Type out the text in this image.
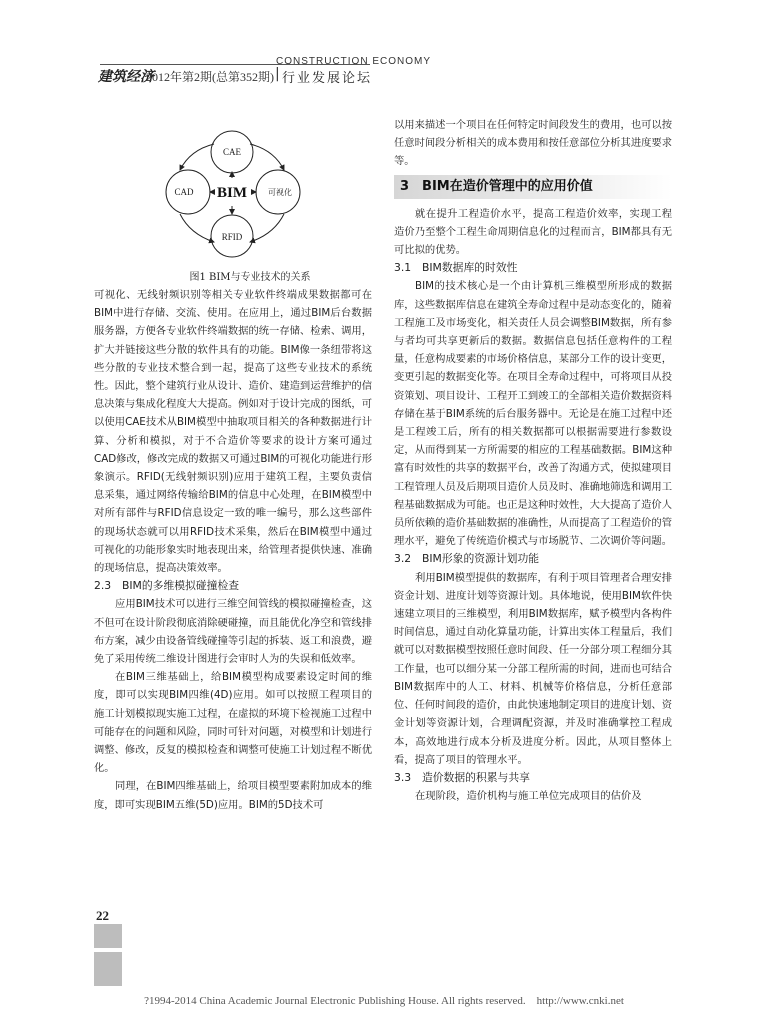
CONSTRUCTION ECONOMY
建筑经济
2012年第2期(总第352期) | 行业发展论坛
CAE
CAD	可视化
RFID
BIM
图1 BIM与专业技术的关系

可视化、无线射频识别等相关专业软件终端成果数据都可在BIM中进行存储、交流、使用。在应用上，通过BIM后台数据服务器，方便各专业软件终端数据的统一存储、检索、调用，扩大并链接这些分散的软件具有的功能。BIM像一条纽带将这些分散的专业技术整合到一起，提高了这些专业技术的系统性。因此，整个建筑行业从设计、造价、建造到运营维护的信息决策与集成化程度大大提高。例如对于设计完成的图纸，可以使用CAE技术从BIM模型中抽取项目相关的各种数据进行计算、分析和模拟，对于不合造价等要求的设计方案可通过CAD修改，修改完成的数据又可通过BIM的可视化功能进行形象演示。RFID(无线射频识别)应用于建筑工程，主要负责信息采集，通过网络传输给BIM的信息中心处理，在BIM模型中对所有部件与RFID信息设定一致的唯一编号，那么这些部件的现场状态就可以用RFID技术采集，然后在BIM模型中通过可视化的功能形象实时地表现出来，给管理者提供快速、准确的现场信息，提高决策效率。

2.3　BIM的多维模拟碰撞检查

应用BIM技术可以进行三维空间管线的模拟碰撞检查，这不但可在设计阶段彻底消除硬碰撞，而且能优化净空和管线排布方案，减少由设备管线碰撞等引起的拆装、返工和浪费，避免了采用传统二维设计图进行会审时人为的失误和低效率。

在BIM三维基础上，给BIM模型构成要素设定时间的维度，即可以实现BIM四维(4D)应用。如可以按照工程项目的施工计划模拟现实施工过程，在虚拟的环境下检视施工过程中可能存在的问题和风险，同时可针对问题，对模型和计划进行调整、修改，反复的模拟检查和调整可使施工计划过程不断优化。

同理，在BIM四维基础上，给项目模型要素附加成本的维度，即可实现BIM五维(5D)应用。BIM的5D技术可

以用来描述一个项目在任何特定时间段发生的费用，也可以按任意时间段分析相关的成本费用和按任意部位分析其进度要求等。

3　BIM在造价管理中的应用价值

就在提升工程造价水平，提高工程造价效率，实现工程造价乃至整个工程生命周期信息化的过程而言，BIM都具有无可比拟的优势。

3.1　BIM数据库的时效性

BIM的技术核心是一个由计算机三维模型所形成的数据库，这些数据库信息在建筑全寿命过程中是动态变化的，随着工程施工及市场变化，相关责任人员会调整BIM数据，所有参与者均可共享更新后的数据。数据信息包括任意构件的工程量，任意构成要素的市场价格信息，某部分工作的设计变更，变更引起的数据变化等。在项目全寿命过程中，可将项目从投资策划、项目设计、工程开工到竣工的全部相关造价数据资料存储在基于BIM系统的后台服务器中。无论是在施工过程中还是工程竣工后，所有的相关数据都可以根据需要进行参数设定，从而得到某一方所需要的相应的工程基础数据。BIM这种富有时效性的共享的数据平台，改善了沟通方式，使拟建项目工程管理人员及后期项目造价人员及时、准确地筛选和调用工程基础数据成为可能。也正是这种时效性，大大提高了造价人员所依赖的造价基础数据的准确性，从而提高了工程造价的管理水平，避免了传统造价模式与市场脱节、二次调价等问题。

3.2　BIM形象的资源计划功能

利用BIM模型提供的数据库，有利于项目管理者合理安排资金计划、进度计划等资源计划。具体地说，使用BIM软件快速建立项目的三维模型，利用BIM数据库，赋予模型内各构件时间信息，通过自动化算量功能，计算出实体工程量后，我们就可以对数据模型按照任意时间段、任一分部分项工程细分其工作量，也可以细分某一分部工程所需的时间，进而也可结合BIM数据库中的人工、材料、机械等价格信息，分析任意部位、任何时间段的造价，由此快速地制定项目的进度计划、资金计划等资源计划，合理调配资源，并及时准确掌控工程成本，高效地进行成本分析及进度分析。因此，从项目整体上看，提高了项目的管理水平。

3.3　造价数据的积累与共享

在现阶段，造价机构与施工单位完成项目的估价及

22
?1994-2014 China Academic Journal Electronic Publishing House. All rights reserved.　http://www.cnki.net
